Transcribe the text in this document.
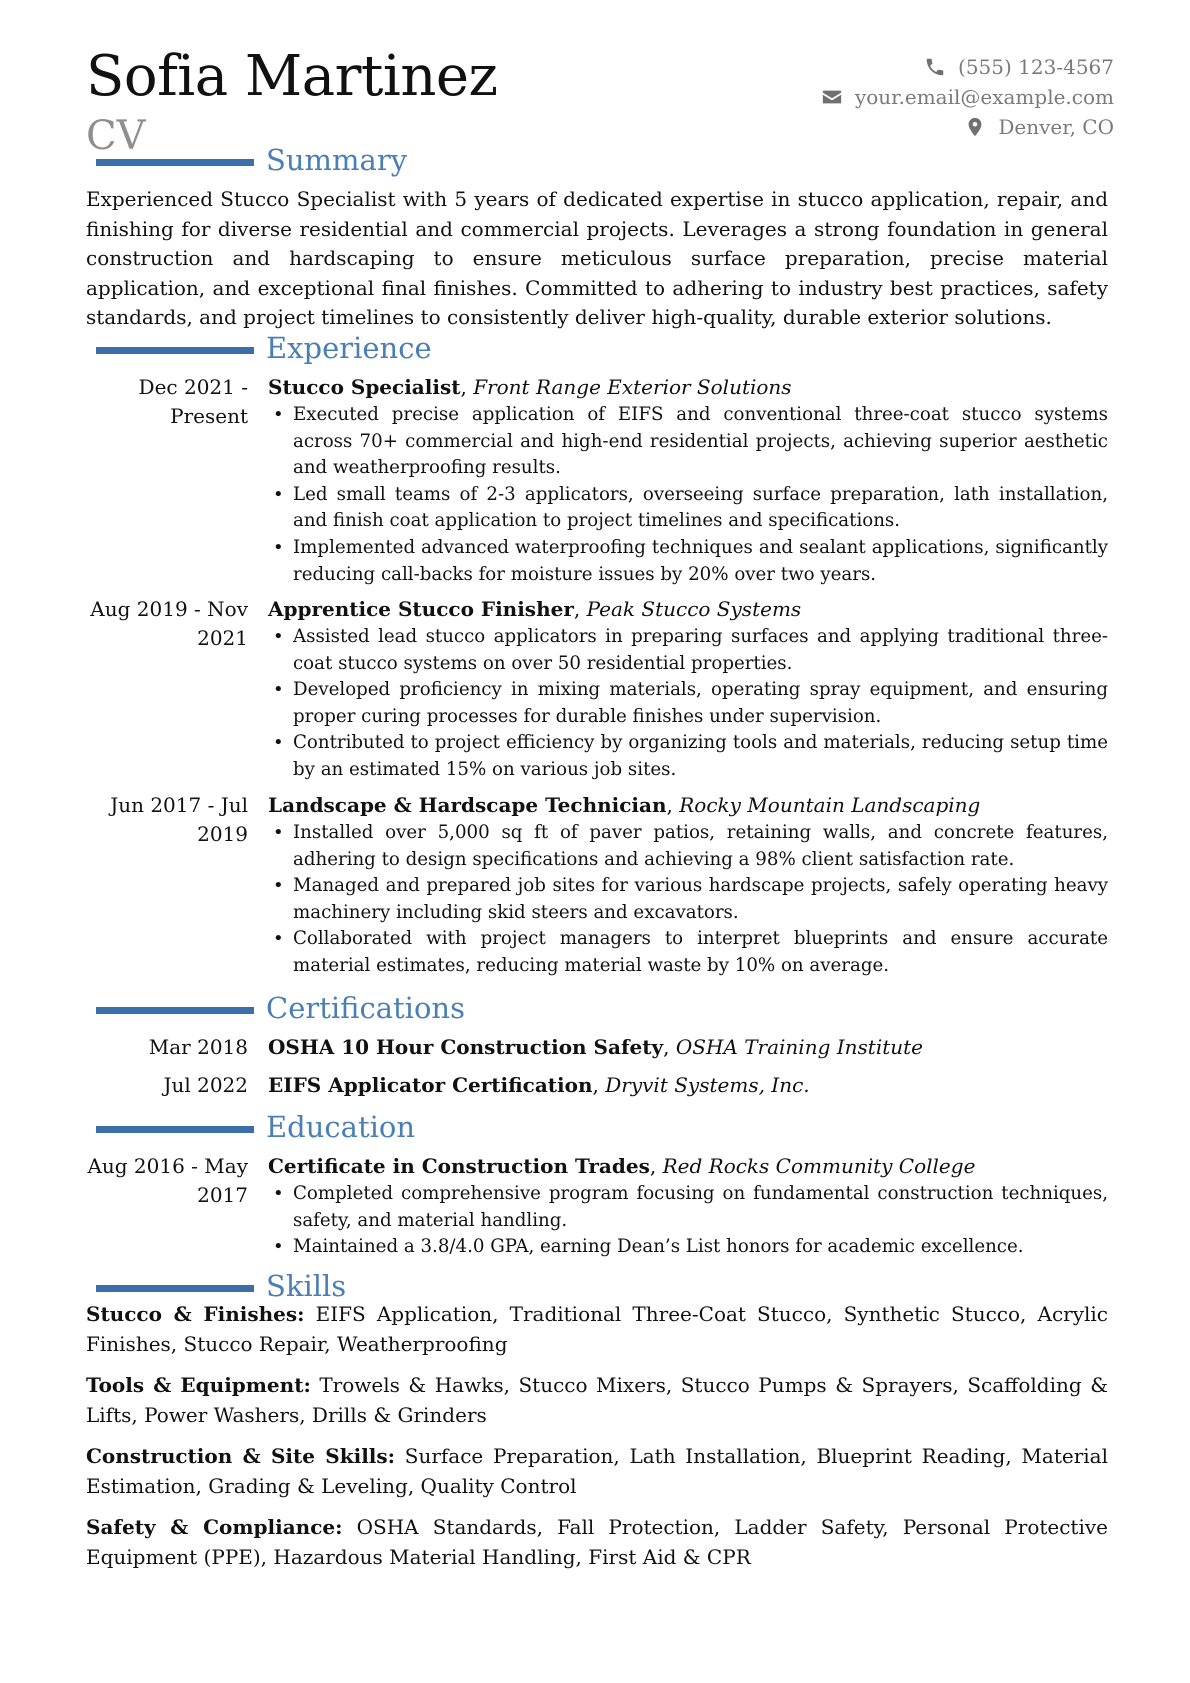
Sofia Martinez
CV
(555) 123-4567
your.email@example.com
Denver, CO
Summary
Experienced Stucco Specialist with 5 years of dedicated expertise in stucco application, repair, and finishing for diverse residential and commercial projects. Leverages a strong foundation in general construction and hardscaping to ensure meticulous surface preparation, precise material application, and exceptional final finishes. Committed to adhering to industry best practices, safety standards, and project timelines to consistently deliver high-quality, durable exterior solutions.
Experience
Dec 2021 - Present
Stucco Specialist, Front Range Exterior Solutions
• Executed precise application of EIFS and conventional three-coat stucco systems across 70+ commercial and high-end residential projects, achieving superior aesthetic and weatherproofing results.
• Led small teams of 2-3 applicators, overseeing surface preparation, lath installation, and finish coat application to project timelines and specifications.
• Implemented advanced waterproofing techniques and sealant applications, significantly reducing call-backs for moisture issues by 20% over two years.
Aug 2019 - Nov 2021
Apprentice Stucco Finisher, Peak Stucco Systems
• Assisted lead stucco applicators in preparing surfaces and applying traditional three-coat stucco systems on over 50 residential properties.
• Developed proficiency in mixing materials, operating spray equipment, and ensuring proper curing processes for durable finishes under supervision.
• Contributed to project efficiency by organizing tools and materials, reducing setup time by an estimated 15% on various job sites.
Jun 2017 - Jul 2019
Landscape & Hardscape Technician, Rocky Mountain Landscaping
• Installed over 5,000 sq ft of paver patios, retaining walls, and concrete features, adhering to design specifications and achieving a 98% client satisfaction rate.
• Managed and prepared job sites for various hardscape projects, safely operating heavy machinery including skid steers and excavators.
• Collaborated with project managers to interpret blueprints and ensure accurate material estimates, reducing material waste by 10% on average.
Certifications
Mar 2018 OSHA 10 Hour Construction Safety, OSHA Training Institute
Jul 2022 EIFS Applicator Certification, Dryvit Systems, Inc.
Education
Aug 2016 - May 2017
Certificate in Construction Trades, Red Rocks Community College
• Completed comprehensive program focusing on fundamental construction techniques, safety, and material handling.
• Maintained a 3.8/4.0 GPA, earning Dean’s List honors for academic excellence.
Skills
Stucco & Finishes: EIFS Application, Traditional Three-Coat Stucco, Synthetic Stucco, Acrylic Finishes, Stucco Repair, Weatherproofing
Tools & Equipment: Trowels & Hawks, Stucco Mixers, Stucco Pumps & Sprayers, Scaffolding & Lifts, Power Washers, Drills & Grinders
Construction & Site Skills: Surface Preparation, Lath Installation, Blueprint Reading, Material Estimation, Grading & Leveling, Quality Control
Safety & Compliance: OSHA Standards, Fall Protection, Ladder Safety, Personal Protective Equipment (PPE), Hazardous Material Handling, First Aid & CPR
